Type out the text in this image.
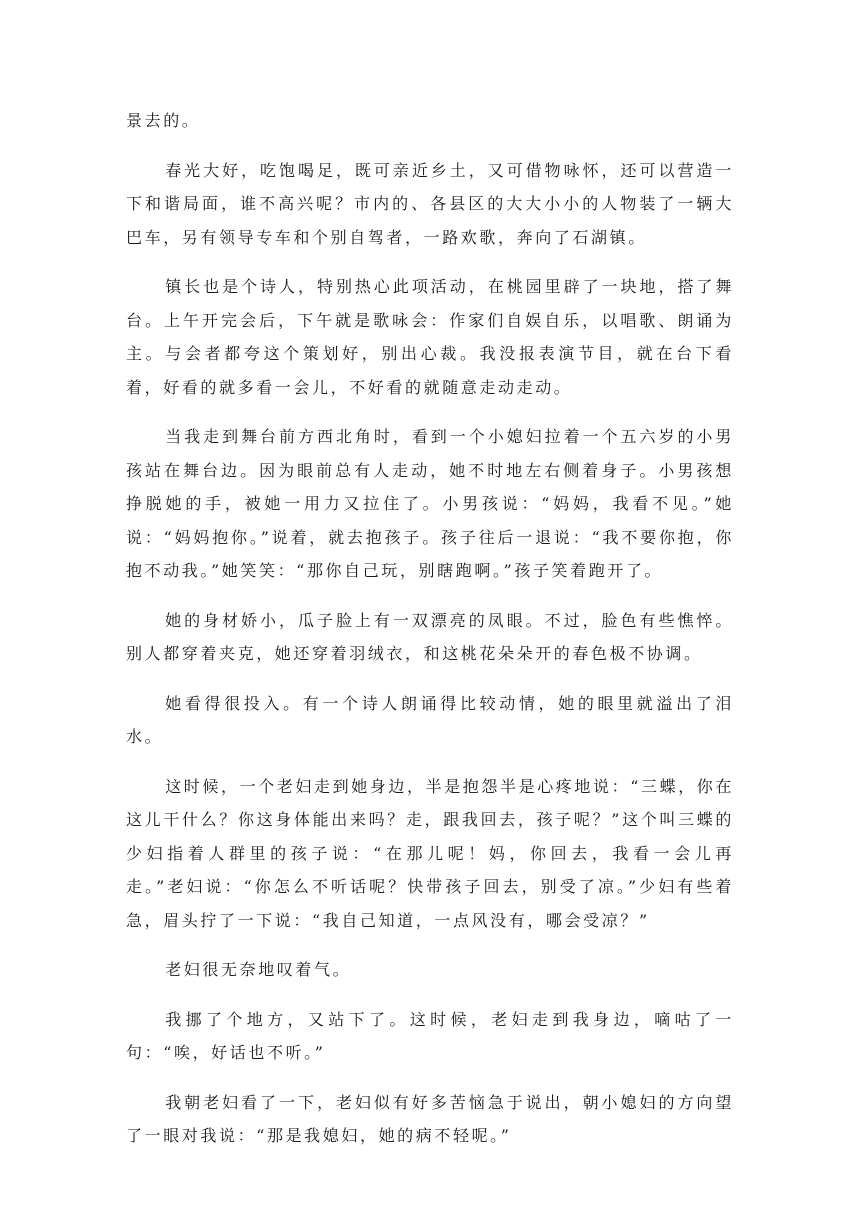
景去的。

春光大好，吃饱喝足，既可亲近乡土，又可借物咏怀，还可以营造一下和谐局面，谁不高兴呢？市内的、各县区的大大小小的人物装了一辆大巴车，另有领导专车和个别自驾者，一路欢歌，奔向了石湖镇。

镇长也是个诗人，特别热心此项活动，在桃园里辟了一块地，搭了舞台。上午开完会后，下午就是歌咏会：作家们自娱自乐，以唱歌、朗诵为主。与会者都夸这个策划好，别出心裁。我没报表演节目，就在台下看着，好看的就多看一会儿，不好看的就随意走动走动。

当我走到舞台前方西北角时，看到一个小媳妇拉着一个五六岁的小男孩站在舞台边。因为眼前总有人走动，她不时地左右侧着身子。小男孩想挣脱她的手，被她一用力又拉住了。小男孩说：“妈妈，我看不见。”她说：“妈妈抱你。”说着，就去抱孩子。孩子往后一退说：“我不要你抱，你抱不动我。”她笑笑：“那你自己玩，别瞎跑啊。”孩子笑着跑开了。

她的身材娇小，瓜子脸上有一双漂亮的凤眼。不过，脸色有些憔悴。别人都穿着夹克，她还穿着羽绒衣，和这桃花朵朵开的春色极不协调。

她看得很投入。有一个诗人朗诵得比较动情，她的眼里就溢出了泪水。

这时候，一个老妇走到她身边，半是抱怨半是心疼地说：“三蝶，你在这儿干什么？你这身体能出来吗？走，跟我回去，孩子呢？”这个叫三蝶的少妇指着人群里的孩子说：“在那儿呢！妈，你回去，我看一会儿再走。”老妇说：“你怎么不听话呢？快带孩子回去，别受了凉。”少妇有些着急，眉头拧了一下说：“我自己知道，一点风没有，哪会受凉？”

老妇很无奈地叹着气。

我挪了个地方，又站下了。这时候，老妇走到我身边，嘀咕了一句：“唉，好话也不听。”

我朝老妇看了一下，老妇似有好多苦恼急于说出，朝小媳妇的方向望了一眼对我说：“那是我媳妇，她的病不轻呢。”
